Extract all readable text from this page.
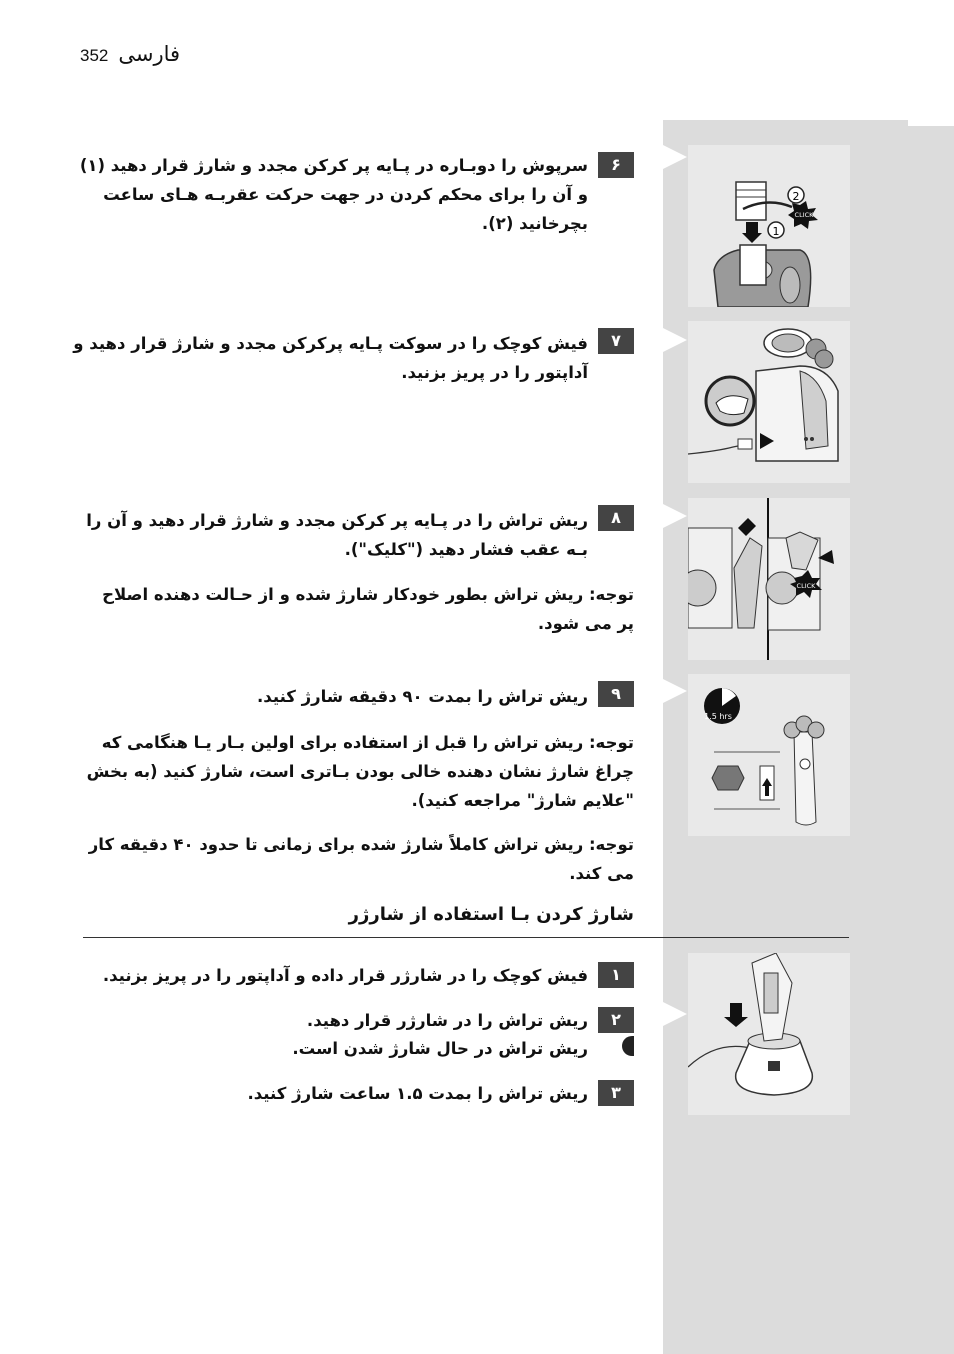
352 فارسی
1
2
CLICK
CLICK
1.5 hrs
۶
سرپوش را دوبـاره در پـایه پر کرکن مجدد و شارژ قرار دهید (۱)
و آن را برای محکم کردن در جهت حرکت عقربـه هـای ساعت
بچرخانید (۲).
۷
فیش کوچک را در سوکت پـایه پرکرکن مجدد و شارژ قرار دهید و
آداپتور را در پریز بزنید.
۸
ریش تراش را در پـایه پر کرکن مجدد و شارژ قرار دهید و آن را
بـه عقب فشار دهید ("کلیک").
توجه: ریش تراش بطور خودکار شارژ شده و از حـالت دهنده اصلاح
پر می شود.
۹
ریش تراش را بمدت ۹۰ دقیقه شارژ کنید.
توجه: ریش تراش را قبل از استفاده برای اولین بـار یـا هنگامی که
چراغ شارژ نشان دهنده خالی بودن بـاتری است، شارژ کنید (به بخش
"علایم شارژ" مراجعه کنید).
توجه: ریش تراش کاملاً شارژ شده برای زمانی تا حدود ۴۰ دقیقه کار
می کند.
شارژ کردن بـا استفاده از شارژر
۱
فیش کوچک را در شارژر قرار داده و آداپتور را در پریز بزنید.
۲
ریش تراش را در شارژر قرار دهید.
ریش تراش در حال شارژ شدن است.
۳
ریش تراش را بمدت ۱.۵ ساعت شارژ کنید.
